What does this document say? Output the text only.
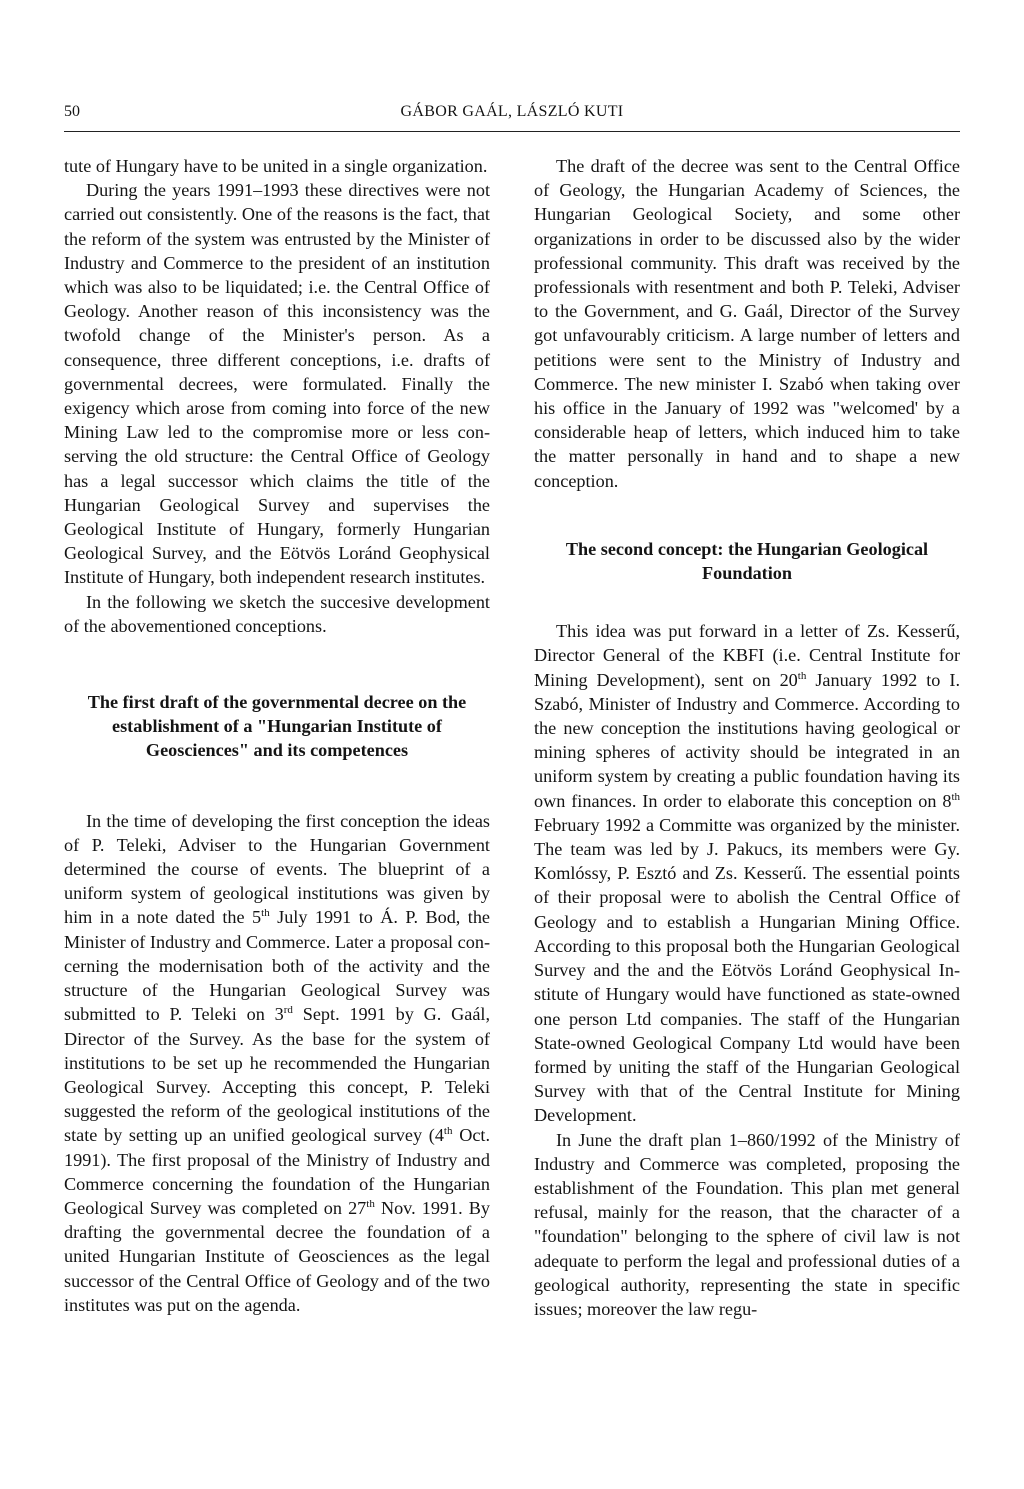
50	GÁBOR GAÁL, LÁSZLÓ KUTI

tute of Hungary have to be united in a single organization.

During the years 1991–1993 these directives were not carried out consistently. One of the reasons is the fact, that the reform of the system was entrusted by the Minister of Industry and Commerce to the president of an institution which was also to be liquidated; i.e. the Central Office of Geology. Another reason of this inconsistency was the twofold change of the Minister's person. As a consequence, three different conceptions, i.e. drafts of governmental decrees, were formulated. Finally the exigency which arose from coming into force of the new Mining Law led to the compromise more or less conserving the old structure: the Central Office of Geology has a legal successor which claims the title of the Hungarian Geological Survey and supervises the Geological Institute of Hungary, formerly Hungarian Geological Survey, and the Eötvös Loránd Geophysical Institute of Hungary, both independent research institutes.

In the following we sketch the succesive development of the abovementioned conceptions.

The first draft of the governmental decree on the establishment of a "Hungarian Institute of Geosciences" and its competences

In the time of developing the first conception the ideas of P. Teleki, Adviser to the Hungarian Government determined the course of events. The blueprint of a uniform system of geological institutions was given by him in a note dated the 5th July 1991 to Á. P. Bod, the Minister of Industry and Commerce. Later a proposal concerning the modernisation both of the activity and the structure of the Hungarian Geological Survey was submitted to P. Teleki on 3rd Sept. 1991 by G. Gaál, Director of the Survey. As the base for the system of institutions to be set up he recommended the Hungarian Geological Survey. Accepting this concept, P. Teleki suggested the reform of the geological institutions of the state by setting up an unified geological survey (4th Oct. 1991). The first proposal of the Ministry of Industry and Commerce concerning the foundation of the Hungarian Geological Survey was completed on 27th Nov. 1991. By drafting the governmental decree the foundation of a united Hungarian Institute of Geosciences as the legal successor of the Central Office of Geology and of the two institutes was put on the agenda.

The draft of the decree was sent to the Central Office of Geology, the Hungarian Academy of Sciences, the Hungarian Geological Society, and some other organizations in order to be discussed also by the wider professional community. This draft was received by the professionals with resentment and both P. Teleki, Adviser to the Government, and G. Gaál, Director of the Survey got unfavourably criticism. A large number of letters and petitions were sent to the Ministry of Industry and Commerce. The new minister I. Szabó when taking over his office in the January of 1992 was "welcomed' by a considerable heap of letters, which induced him to take the matter personally in hand and to shape a new conception.

The second concept: the Hungarian Geological Foundation

This idea was put forward in a letter of Zs. Kesserű, Director General of the KBFI (i.e. Central Institute for Mining Development), sent on 20th January 1992 to I. Szabó, Minister of Industry and Commerce. According to the new conception the institutions having geological or mining spheres of activity should be integrated in an uniform system by creating a public foundation having its own finances. In order to elaborate this conception on 8th February 1992 a Committe was organized by the minister. The team was led by J. Pakucs, its members were Gy. Komlóssy, P. Esztó and Zs. Kesserű. The essential points of their proposal were to abolish the Central Office of Geology and to establish a Hungarian Mining Office. According to this proposal both the Hungarian Geological Survey and the and the Eötvös Loránd Geophysical Institute of Hungary would have functioned as state-owned one person Ltd companies. The staff of the Hungarian State-owned Geological Company Ltd would have been formed by uniting the staff of the Hungarian Geological Survey with that of the Central Institute for Mining Development.

In June the draft plan 1–860/1992 of the Ministry of Industry and Commerce was completed, proposing the establishment of the Foundation. This plan met general refusal, mainly for the reason, that the character of a "foundation" belonging to the sphere of civil law is not adequate to perform the legal and professional duties of a geological authority, representing the state in specific issues; moreover the law regu-
